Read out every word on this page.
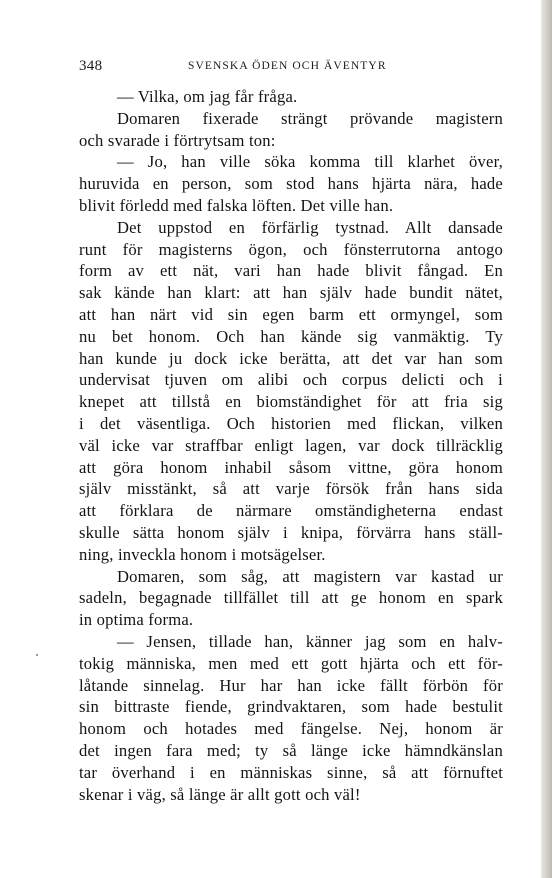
348	SVENSKA ÖDEN OCH ÄVENTYR
— Vilka, om jag får fråga.
Domaren fixerade strängt prövande magistern
och svarade i förtrytsam ton:
— Jo, han ville söka komma till klarhet över,
huruvida en person, som stod hans hjärta nära, hade
blivit förledd med falska löften. Det ville han.
Det uppstod en förfärlig tystnad. Allt dansade
runt för magisterns ögon, och fönsterrutorna antogo
form av ett nät, vari han hade blivit fångad. En
sak kände han klart: att han själv hade bundit nätet,
att han närt vid sin egen barm ett ormyngel, som
nu bet honom. Och han kände sig vanmäktig. Ty
han kunde ju dock icke berätta, att det var han som
undervisat tjuven om alibi och corpus delicti och i
knepet att tillstå en biomständighet för att fria sig
i det väsentliga. Och historien med flickan, vilken
väl icke var straffbar enligt lagen, var dock tillräcklig
att göra honom inhabil såsom vittne, göra honom
själv misstänkt, så att varje försök från hans sida
att förklara de närmare omständigheterna endast
skulle sätta honom själv i knipa, förvärra hans ställ-
ning, inveckla honom i motsägelser.
Domaren, som såg, att magistern var kastad ur
sadeln, begagnade tillfället till att ge honom en spark
in optima forma.
— Jensen, tillade han, känner jag som en halv-
tokig människa, men med ett gott hjärta och ett för-
låtande sinnelag. Hur har han icke fällt förbön för
sin bittraste fiende, grindvaktaren, som hade bestulit
honom och hotades med fängelse. Nej, honom är
det ingen fara med; ty så länge icke hämndkänslan
tar överhand i en människas sinne, så att förnuftet
skenar i väg, så länge är allt gott och väl!
